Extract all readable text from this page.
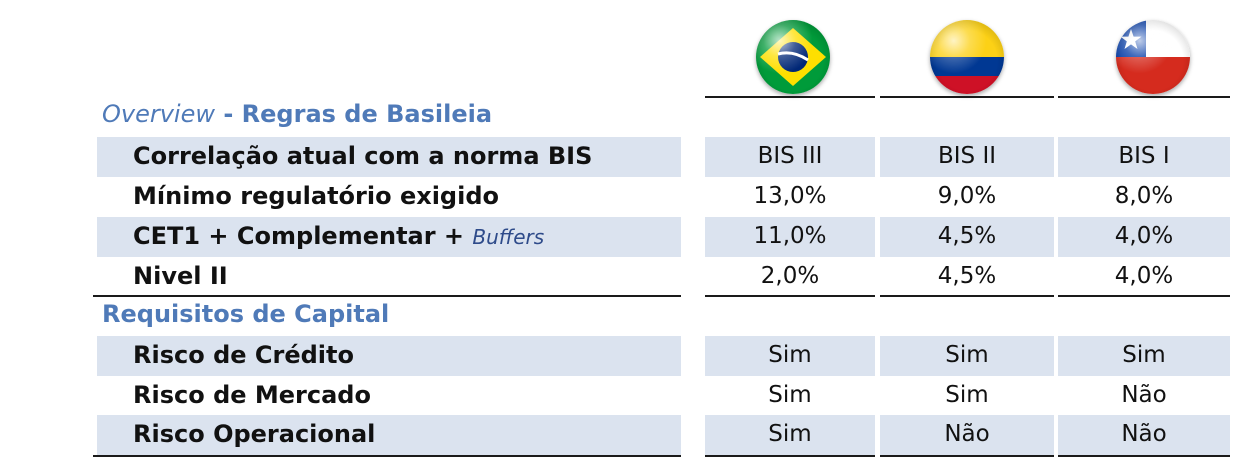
Overview - Regras de Basileia
Correlação atual com a norma BIS	BIS III	BIS II	BIS I
Mínimo regulatório exigido	13,0%	9,0%	8,0%
CET1 + Complementar + Buffers	11,0%	4,5%	4,0%
Nivel II	2,0%	4,5%	4,0%
Requisitos de Capital
Risco de Crédito	Sim	Sim	Sim
Risco de Mercado	Sim	Sim	Não
Risco Operacional	Sim	Não	Não
